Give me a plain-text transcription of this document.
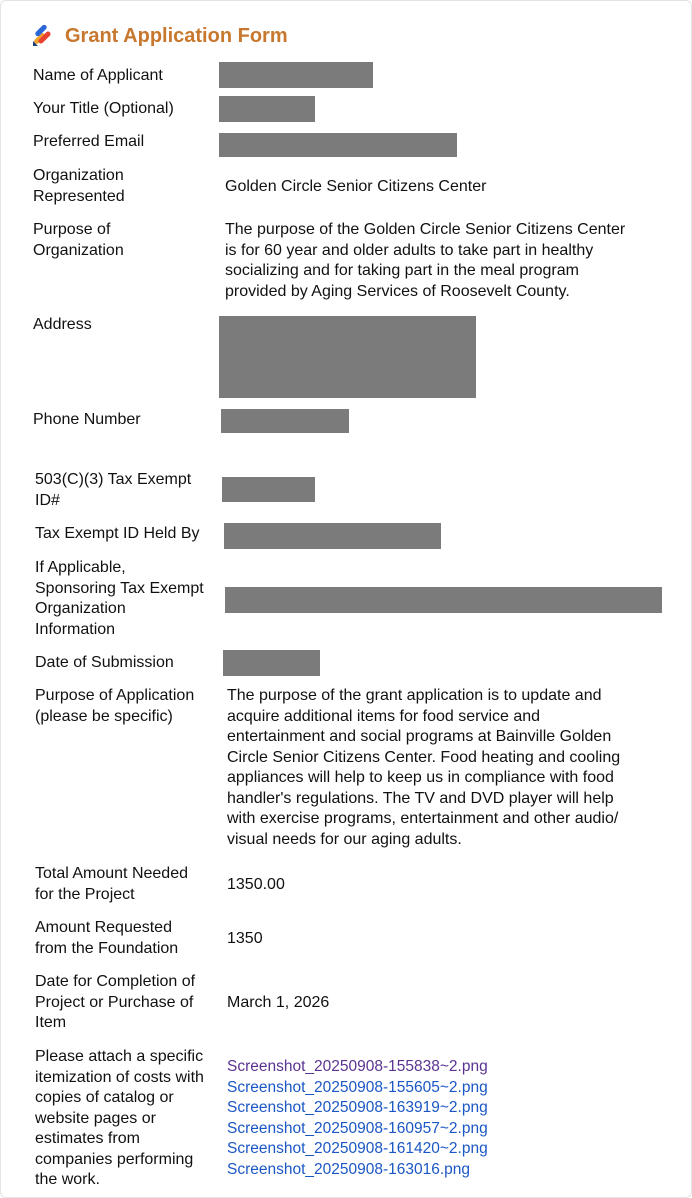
Grant Application Form
Name of Applicant
Your Title (Optional)
Preferred Email
Organization
Represented
Purpose of
Organization
Address
Phone Number
503(C)(3) Tax Exempt
ID#
Tax Exempt ID Held By
If Applicable,
Sponsoring Tax Exempt
Organization
Information
Date of Submission
Purpose of Application
(please be specific)
Total Amount Needed
for the Project
Amount Requested
from the Foundation
Date for Completion of
Project or Purchase of
Item
Please attach a specific
itemization of costs with
copies of catalog or
website pages or
estimates from
companies performing
the work.
Golden Circle Senior Citizens Center
The purpose of the Golden Circle Senior Citizens Center
is for 60 year and older adults to take part in healthy
socializing and for taking part in the meal program
provided by Aging Services of Roosevelt County.
The purpose of the grant application is to update and
acquire additional items for food service and
entertainment and social programs at Bainville Golden
Circle Senior Citizens Center. Food heating and cooling
appliances will help to keep us in compliance with food
handler's regulations. The TV and DVD player will help
with exercise programs, entertainment and other audio/
visual needs for our aging adults.
1350.00
1350
March 1, 2026
Screenshot_20250908-155838~2.png
Screenshot_20250908-155605~2.png
Screenshot_20250908-163919~2.png
Screenshot_20250908-160957~2.png
Screenshot_20250908-161420~2.png
Screenshot_20250908-163016.png
